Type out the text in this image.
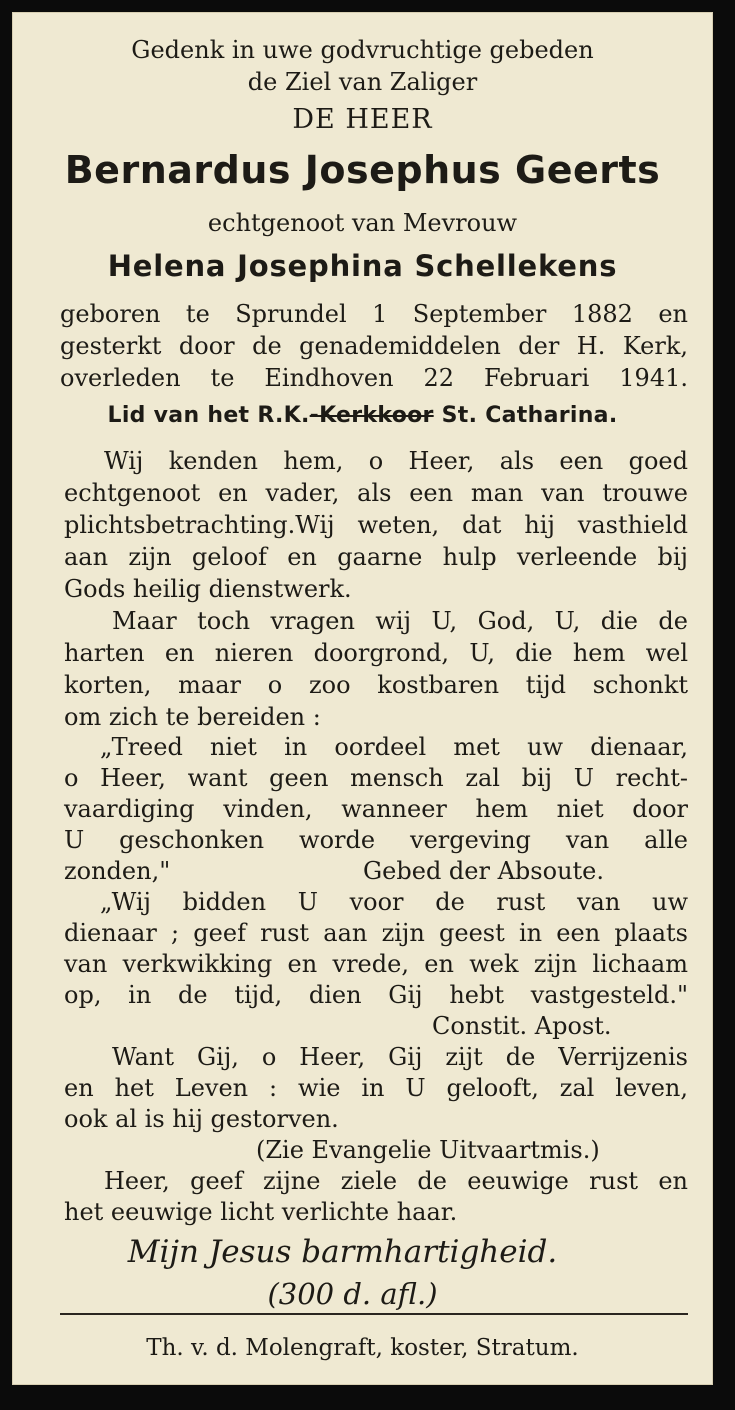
Gedenk in uwe godvruchtige gebeden

de Ziel van Zaliger

DE HEER

Bernardus Josephus Geerts

echtgenoot van Mevrouw

Helena Josephina Schellekens

geboren te Sprundel 1 September 1882 en

gesterkt door de genademiddelen der H. Kerk,

overleden te Eindhoven 22 Februari 1941.

Lid van het R.K.-Kerkkoor St. Catharina.

Wij kenden hem, o Heer, als een goed

echtgenoot en vader, als een man van trouwe

plichtsbetrachting.Wij weten, dat hij vasthield

aan zijn geloof en gaarne hulp verleende bij

Gods heilig dienstwerk.

Maar toch vragen wij U, God, U, die de

harten en nieren doorgrond, U, die hem wel

korten, maar o zoo kostbaren tijd schonkt

om zich te bereiden :

„Treed niet in oordeel met uw dienaar,

o Heer, want geen mensch zal bij U recht-

vaardiging vinden, wanneer hem niet door

U geschonken worde vergeving van alle

zonden,"	Gebed der Absoute.

„Wij bidden U voor de rust van uw

dienaar ; geef rust aan zijn geest in een plaats

van verkwikking en vrede, en wek zijn lichaam

op, in de tijd, dien Gij hebt vastgesteld."

Constit. Apost.

Want Gij, o Heer, Gij zijt de Verrijzenis

en het Leven : wie in U gelooft, zal leven,

ook al is hij gestorven.

(Zie Evangelie Uitvaartmis.)

Heer, geef zijne ziele de eeuwige rust en

het eeuwige licht verlichte haar.

Mijn Jesus barmhartigheid.

(300 d. afl.)

Th. v. d. Molengraft, koster, Stratum.
